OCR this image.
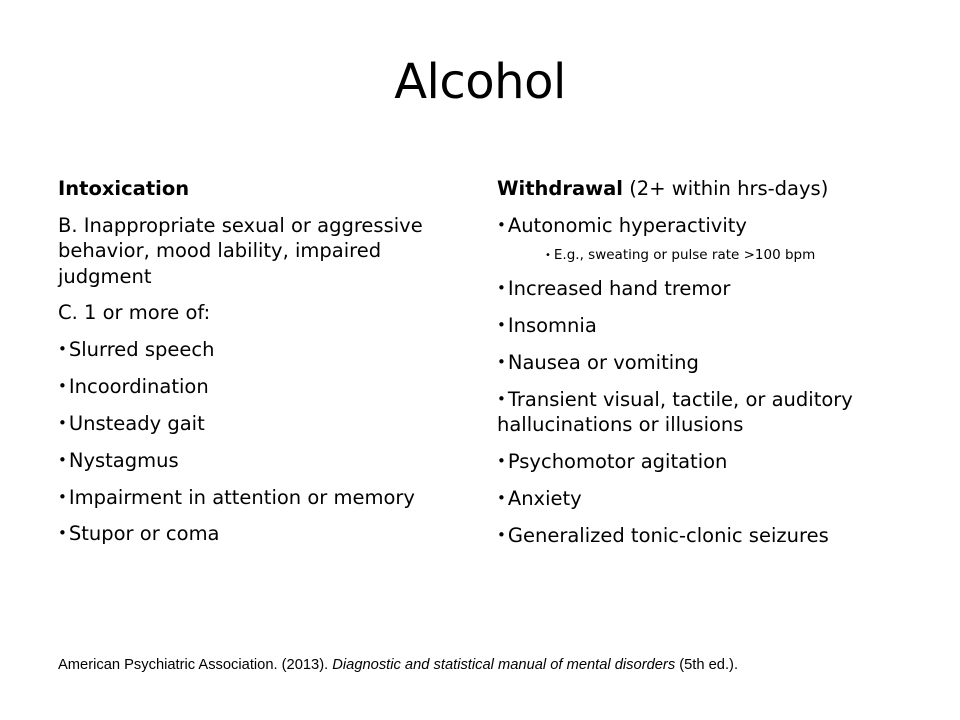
Alcohol
Intoxication
B. Inappropriate sexual or aggressive behavior, mood lability, impaired judgment
C. 1 or more of:
• Slurred speech
• Incoordination
• Unsteady gait
• Nystagmus
• Impairment in attention or memory
• Stupor or coma
Withdrawal (2+ within hrs-days)
• Autonomic hyperactivity
• E.g., sweating or pulse rate >100 bpm
• Increased hand tremor
• Insomnia
• Nausea or vomiting
• Transient visual, tactile, or auditory hallucinations or illusions
• Psychomotor agitation
• Anxiety
• Generalized tonic-clonic seizures
American Psychiatric Association. (2013). Diagnostic and statistical manual of mental disorders (5th ed.).
